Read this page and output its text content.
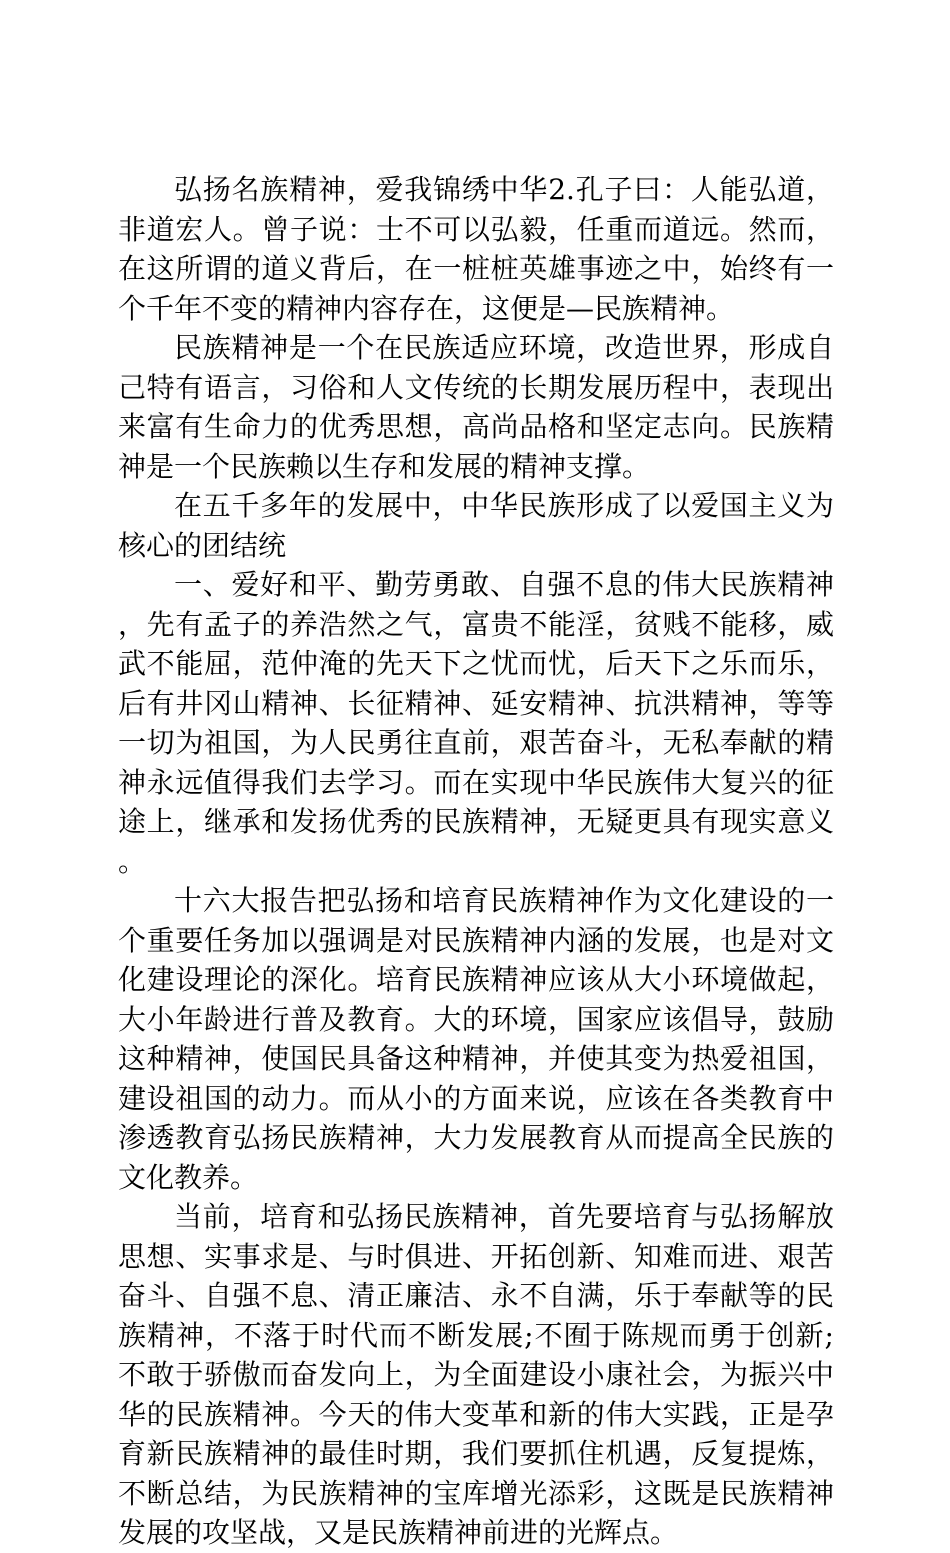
弘扬名族精神，爱我锦绣中华2.孔子曰：人能弘道，非道宏人。曾子说：士不可以弘毅，任重而道远。然而，在这所谓的道义背后，在一桩桩英雄事迹之中，始终有一个千年不变的精神内容存在，这便是—民族精神。

民族精神是一个在民族适应环境，改造世界，形成自己特有语言，习俗和人文传统的长期发展历程中，表现出来富有生命力的优秀思想，高尚品格和坚定志向。民族精神是一个民族赖以生存和发展的精神支撑。

在五千多年的发展中，中华民族形成了以爱国主义为核心的团结统

一、爱好和平、勤劳勇敢、自强不息的伟大民族精神，先有孟子的养浩然之气，富贵不能淫，贫贱不能移，威武不能屈，范仲淹的先天下之忧而忧，后天下之乐而乐，后有井冈山精神、长征精神、延安精神、抗洪精神，等等一切为祖国，为人民勇往直前，艰苦奋斗，无私奉献的精神永远值得我们去学习。而在实现中华民族伟大复兴的征途上，继承和发扬优秀的民族精神，无疑更具有现实意义。

十六大报告把弘扬和培育民族精神作为文化建设的一个重要任务加以强调是对民族精神内涵的发展，也是对文化建设理论的深化。培育民族精神应该从大小环境做起，大小年龄进行普及教育。大的环境，国家应该倡导，鼓励这种精神，使国民具备这种精神，并使其变为热爱祖国，建设祖国的动力。而从小的方面来说，应该在各类教育中渗透教育弘扬民族精神，大力发展教育从而提高全民族的文化教养。

当前，培育和弘扬民族精神，首先要培育与弘扬解放思想、实事求是、与时俱进、开拓创新、知难而进、艰苦奋斗、自强不息、清正廉洁、永不自满，乐于奉献等的民族精神，不落于时代而不断发展;不囿于陈规而勇于创新;不敢于骄傲而奋发向上，为全面建设小康社会，为振兴中华的民族精神。今天的伟大变革和新的伟大实践，正是孕育新民族精神的最佳时期，我们要抓住机遇，反复提炼，不断总结，为民族精神的宝库增光添彩，这既是民族精神发展的攻坚战，又是民族精神前进的光辉点。
